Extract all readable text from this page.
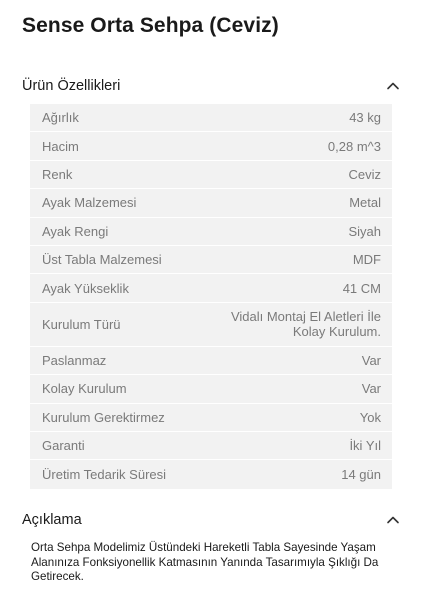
Sense Orta Sehpa (Ceviz)
Ürün Özellikleri
Ağırlık	43 kg
Hacim	0,28 m^3
Renk	Ceviz
Ayak Malzemesi	Metal
Ayak Rengi	Siyah
Üst Tabla Malzemesi	MDF
Ayak Yükseklik	41 CM
Kurulum Türü	Vidalı Montaj El Aletleri İle Kolay Kurulum.
Paslanmaz	Var
Kolay Kurulum	Var
Kurulum Gerektirmez	Yok
Garanti	İki Yıl
Üretim Tedarik Süresi	14 gün
Açıklama

Orta Sehpa Modelimiz Üstündeki Hareketli Tabla Sayesinde Yaşam Alanınıza Fonksiyonellik Katmasının Yanında Tasarımıyla Şıklığı Da Getirecek.
